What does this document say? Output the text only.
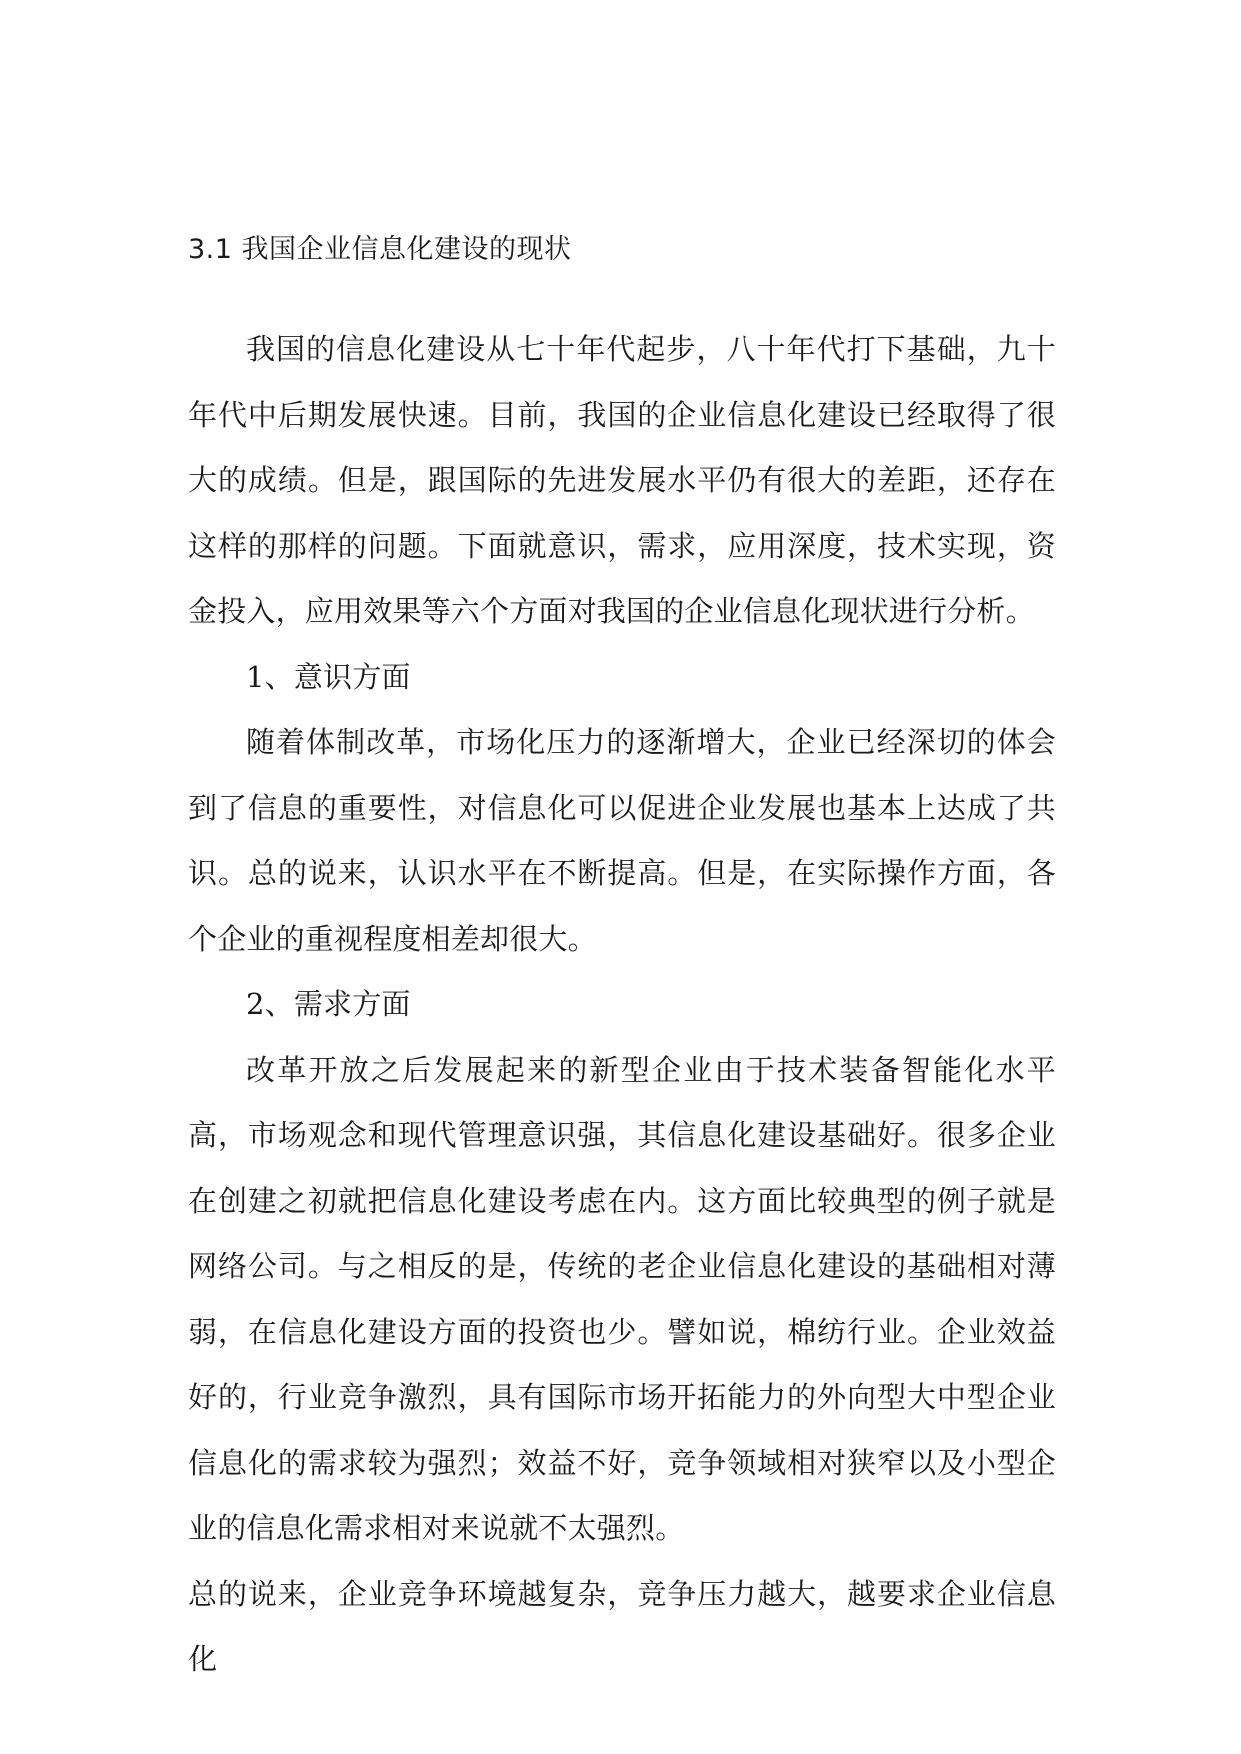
3.1 我国企业信息化建设的现状

我国的信息化建设从七十年代起步，八十年代打下基础，九十年代中后期发展快速。目前，我国的企业信息化建设已经取得了很大的成绩。但是，跟国际的先进发展水平仍有很大的差距，还存在这样的那样的问题。下面就意识，需求，应用深度，技术实现，资金投入，应用效果等六个方面对我国的企业信息化现状进行分析。

1、意识方面

随着体制改革，市场化压力的逐渐增大，企业已经深切的体会到了信息的重要性，对信息化可以促进企业发展也基本上达成了共识。总的说来，认识水平在不断提高。但是，在实际操作方面，各个企业的重视程度相差却很大。

2、需求方面

改革开放之后发展起来的新型企业由于技术装备智能化水平高，市场观念和现代管理意识强，其信息化建设基础好。很多企业在创建之初就把信息化建设考虑在内。这方面比较典型的例子就是网络公司。与之相反的是，传统的老企业信息化建设的基础相对薄弱，在信息化建设方面的投资也少。譬如说，棉纺行业。企业效益好的，行业竞争激烈，具有国际市场开拓能力的外向型大中型企业信息化的需求较为强烈；效益不好，竞争领域相对狭窄以及小型企业的信息化需求相对来说就不太强烈。

总的说来，企业竞争环境越复杂，竞争压力越大，越要求企业信息化
